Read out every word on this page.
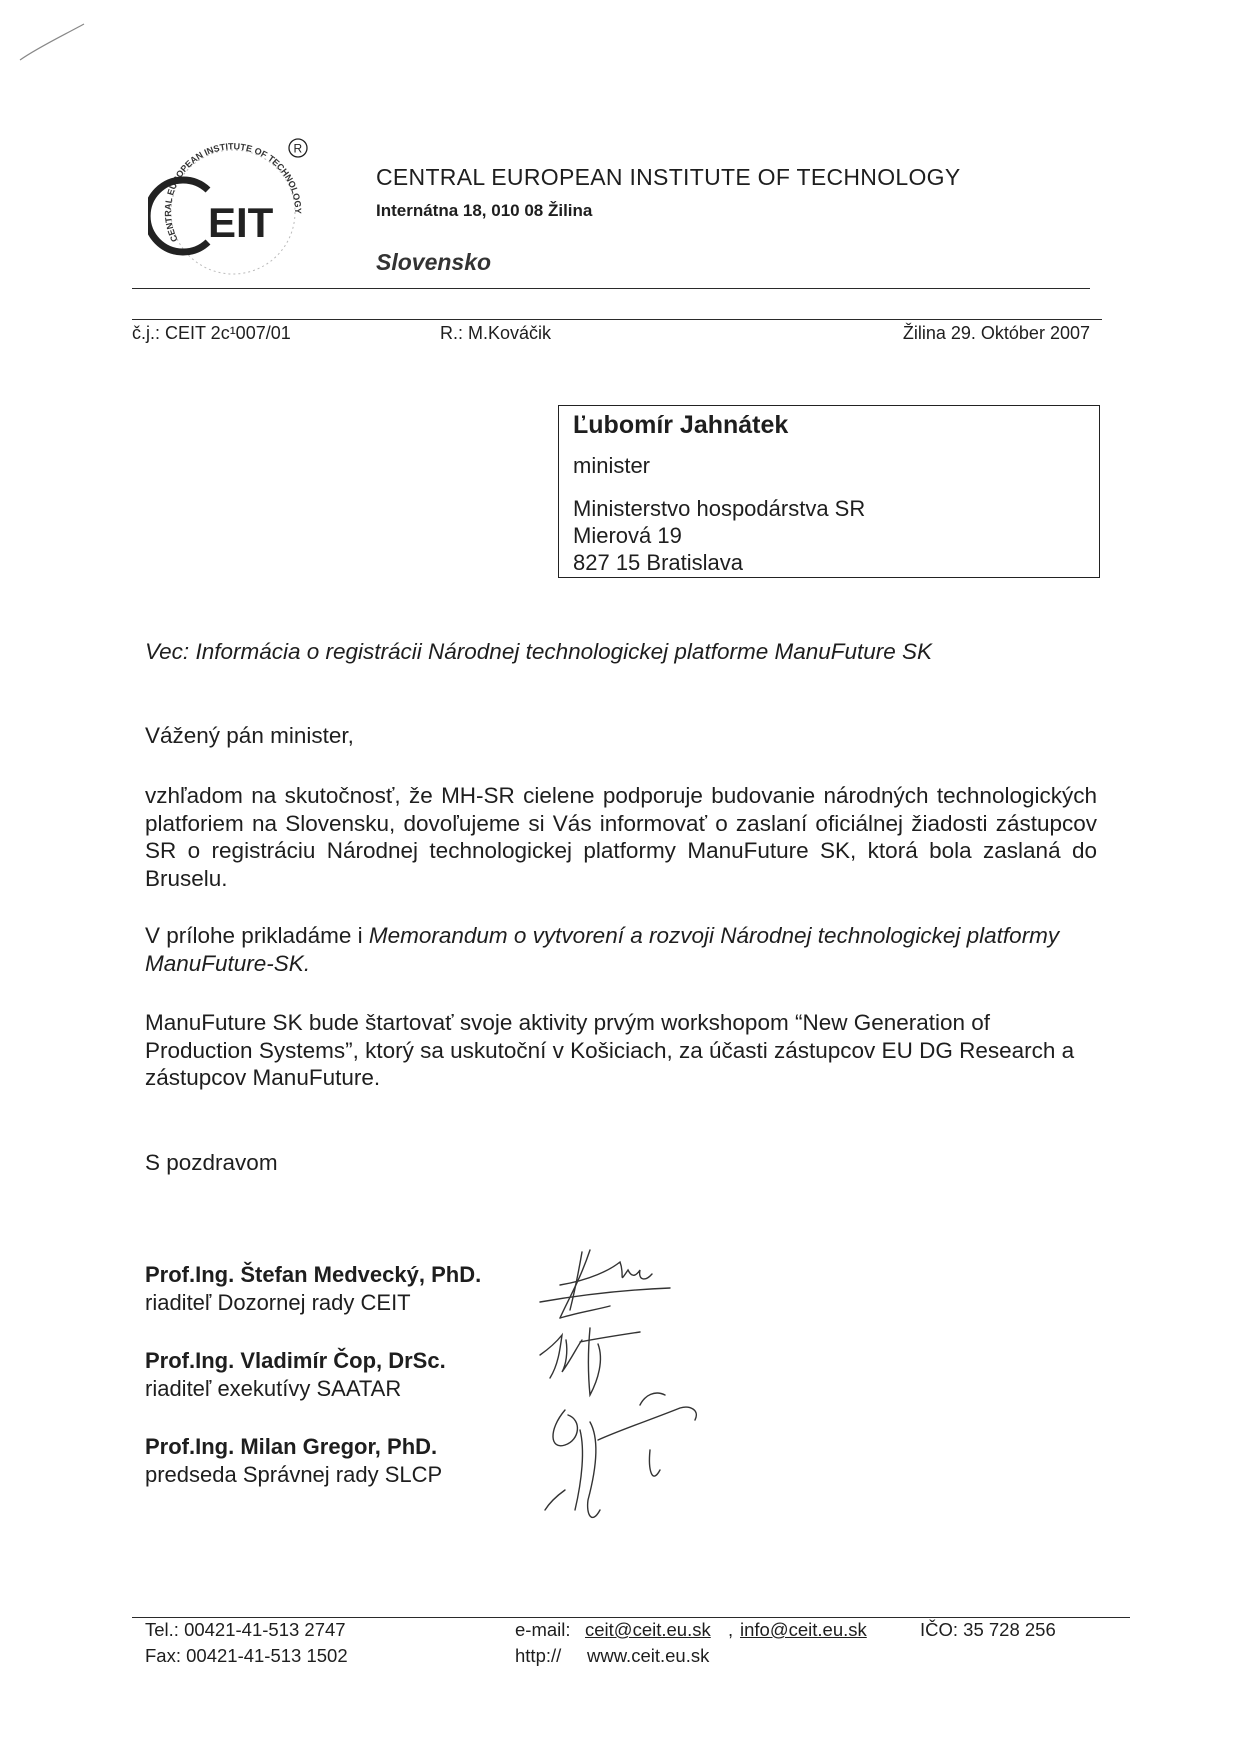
CENTRAL EUROPEAN INSTITUTE OF TECHNOLOGY
EIT
R
CENTRAL EUROPEAN INSTITUTE OF TECHNOLOGY
Internátna 18, 010 08 Žilina
Slovensko
č.j.: CEIT 2c¹007/01	R.: M.Kováčik	Žilina 29. Október 2007
Ľubomír Jahnátek
minister
Ministerstvo hospodárstva SR
Mierová 19
827 15 Bratislava
Vec: Informácia o registrácii Národnej technologickej platforme ManuFuture SK
Vážený pán minister,
vzhľadom na skutočnosť, že MH-SR cielene podporuje budovanie národných technologických platforiem na Slovensku, dovoľujeme si Vás informovať o zaslaní oficiálnej žiadosti zástupcov SR o registráciu Národnej technologickej platformy ManuFuture SK, ktorá bola zaslaná do Bruselu.
V prílohe prikladáme i Memorandum o vytvorení a rozvoji Národnej technologickej platformy ManuFuture-SK.
ManuFuture SK bude štartovať svoje aktivity prvým workshopom “New Generation of Production Systems”, ktorý sa uskutoční v Košiciach, za účasti zástupcov EU DG Research a zástupcov ManuFuture.
S pozdravom
Prof.Ing. Štefan Medvecký, PhD.
riaditeľ Dozornej rady CEIT
Prof.Ing. Vladimír Čop, DrSc.
riaditeľ exekutívy SAATAR
Prof.Ing. Milan Gregor, PhD.
predseda Správnej rady SLCP
Tel.: 00421-41-513 2747
Fax: 00421-41-513 1502
e-mail: ceit@ceit.eu.sk , info@ceit.eu.sk
http:// www.ceit.eu.sk
IČO: 35 728 256
